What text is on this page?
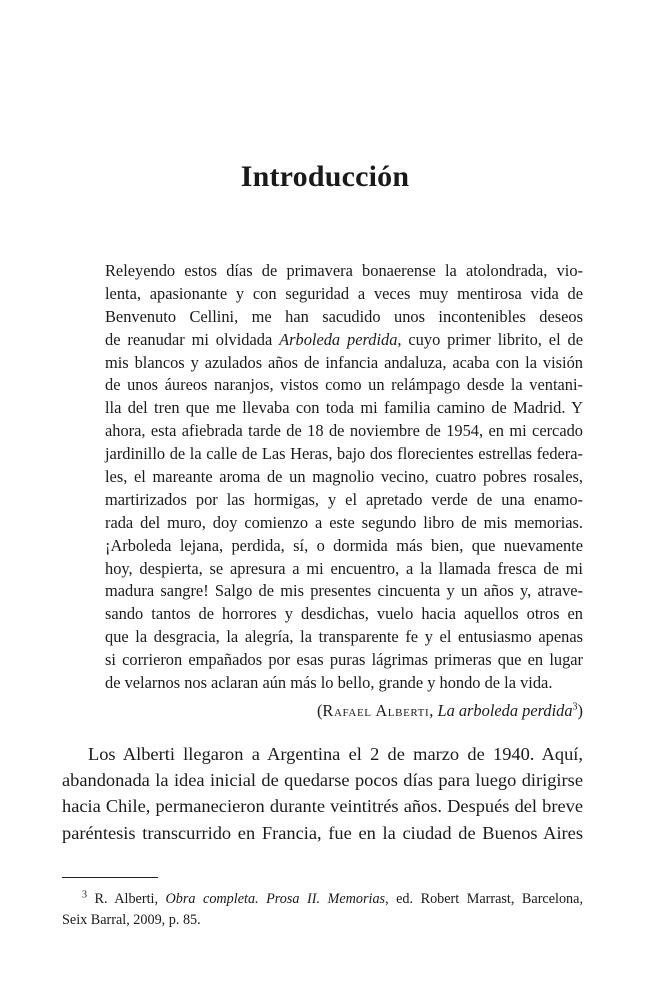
Introducción
Releyendo estos días de primavera bonaerense la atolondrada, vio-
lenta, apasionante y con seguridad a veces muy mentirosa vida de
Benvenuto Cellini, me han sacudido unos incontenibles deseos
de reanudar mi olvidada Arboleda perdida, cuyo primer librito, el de
mis blancos y azulados años de infancia andaluza, acaba con la visión
de unos áureos naranjos, vistos como un relámpago desde la ventani-
lla del tren que me llevaba con toda mi familia camino de Madrid. Y
ahora, esta afiebrada tarde de 18 de noviembre de 1954, en mi cercado
jardinillo de la calle de Las Heras, bajo dos florecientes estrellas federa-
les, el mareante aroma de un magnolio vecino, cuatro pobres rosales,
martirizados por las hormigas, y el apretado verde de una enamo-
rada del muro, doy comienzo a este segundo libro de mis memorias.
¡Arboleda lejana, perdida, sí, o dormida más bien, que nuevamente
hoy, despierta, se apresura a mi encuentro, a la llamada fresca de mi
madura sangre! Salgo de mis presentes cincuenta y un años y, atrave-
sando tantos de horrores y desdichas, vuelo hacia aquellos otros en
que la desgracia, la alegría, la transparente fe y el entusiasmo apenas
si corrieron empañados por esas puras lágrimas primeras que en lugar
de velarnos nos aclaran aún más lo bello, grande y hondo de la vida.
(Rafael Alberti, La arboleda perdida$^3$)
Los Alberti llegaron a Argentina el 2 de marzo de 1940. Aquí,
abandonada la idea inicial de quedarse pocos días para luego dirigirse
hacia Chile, permanecieron durante veintitrés años. Después del breve
paréntesis transcurrido en Francia, fue en la ciudad de Buenos Aires
$^3$ R. Alberti, Obra completa. Prosa II. Memorias, ed. Robert Marrast, Barcelona,
Seix Barral, 2009, p. 85.
